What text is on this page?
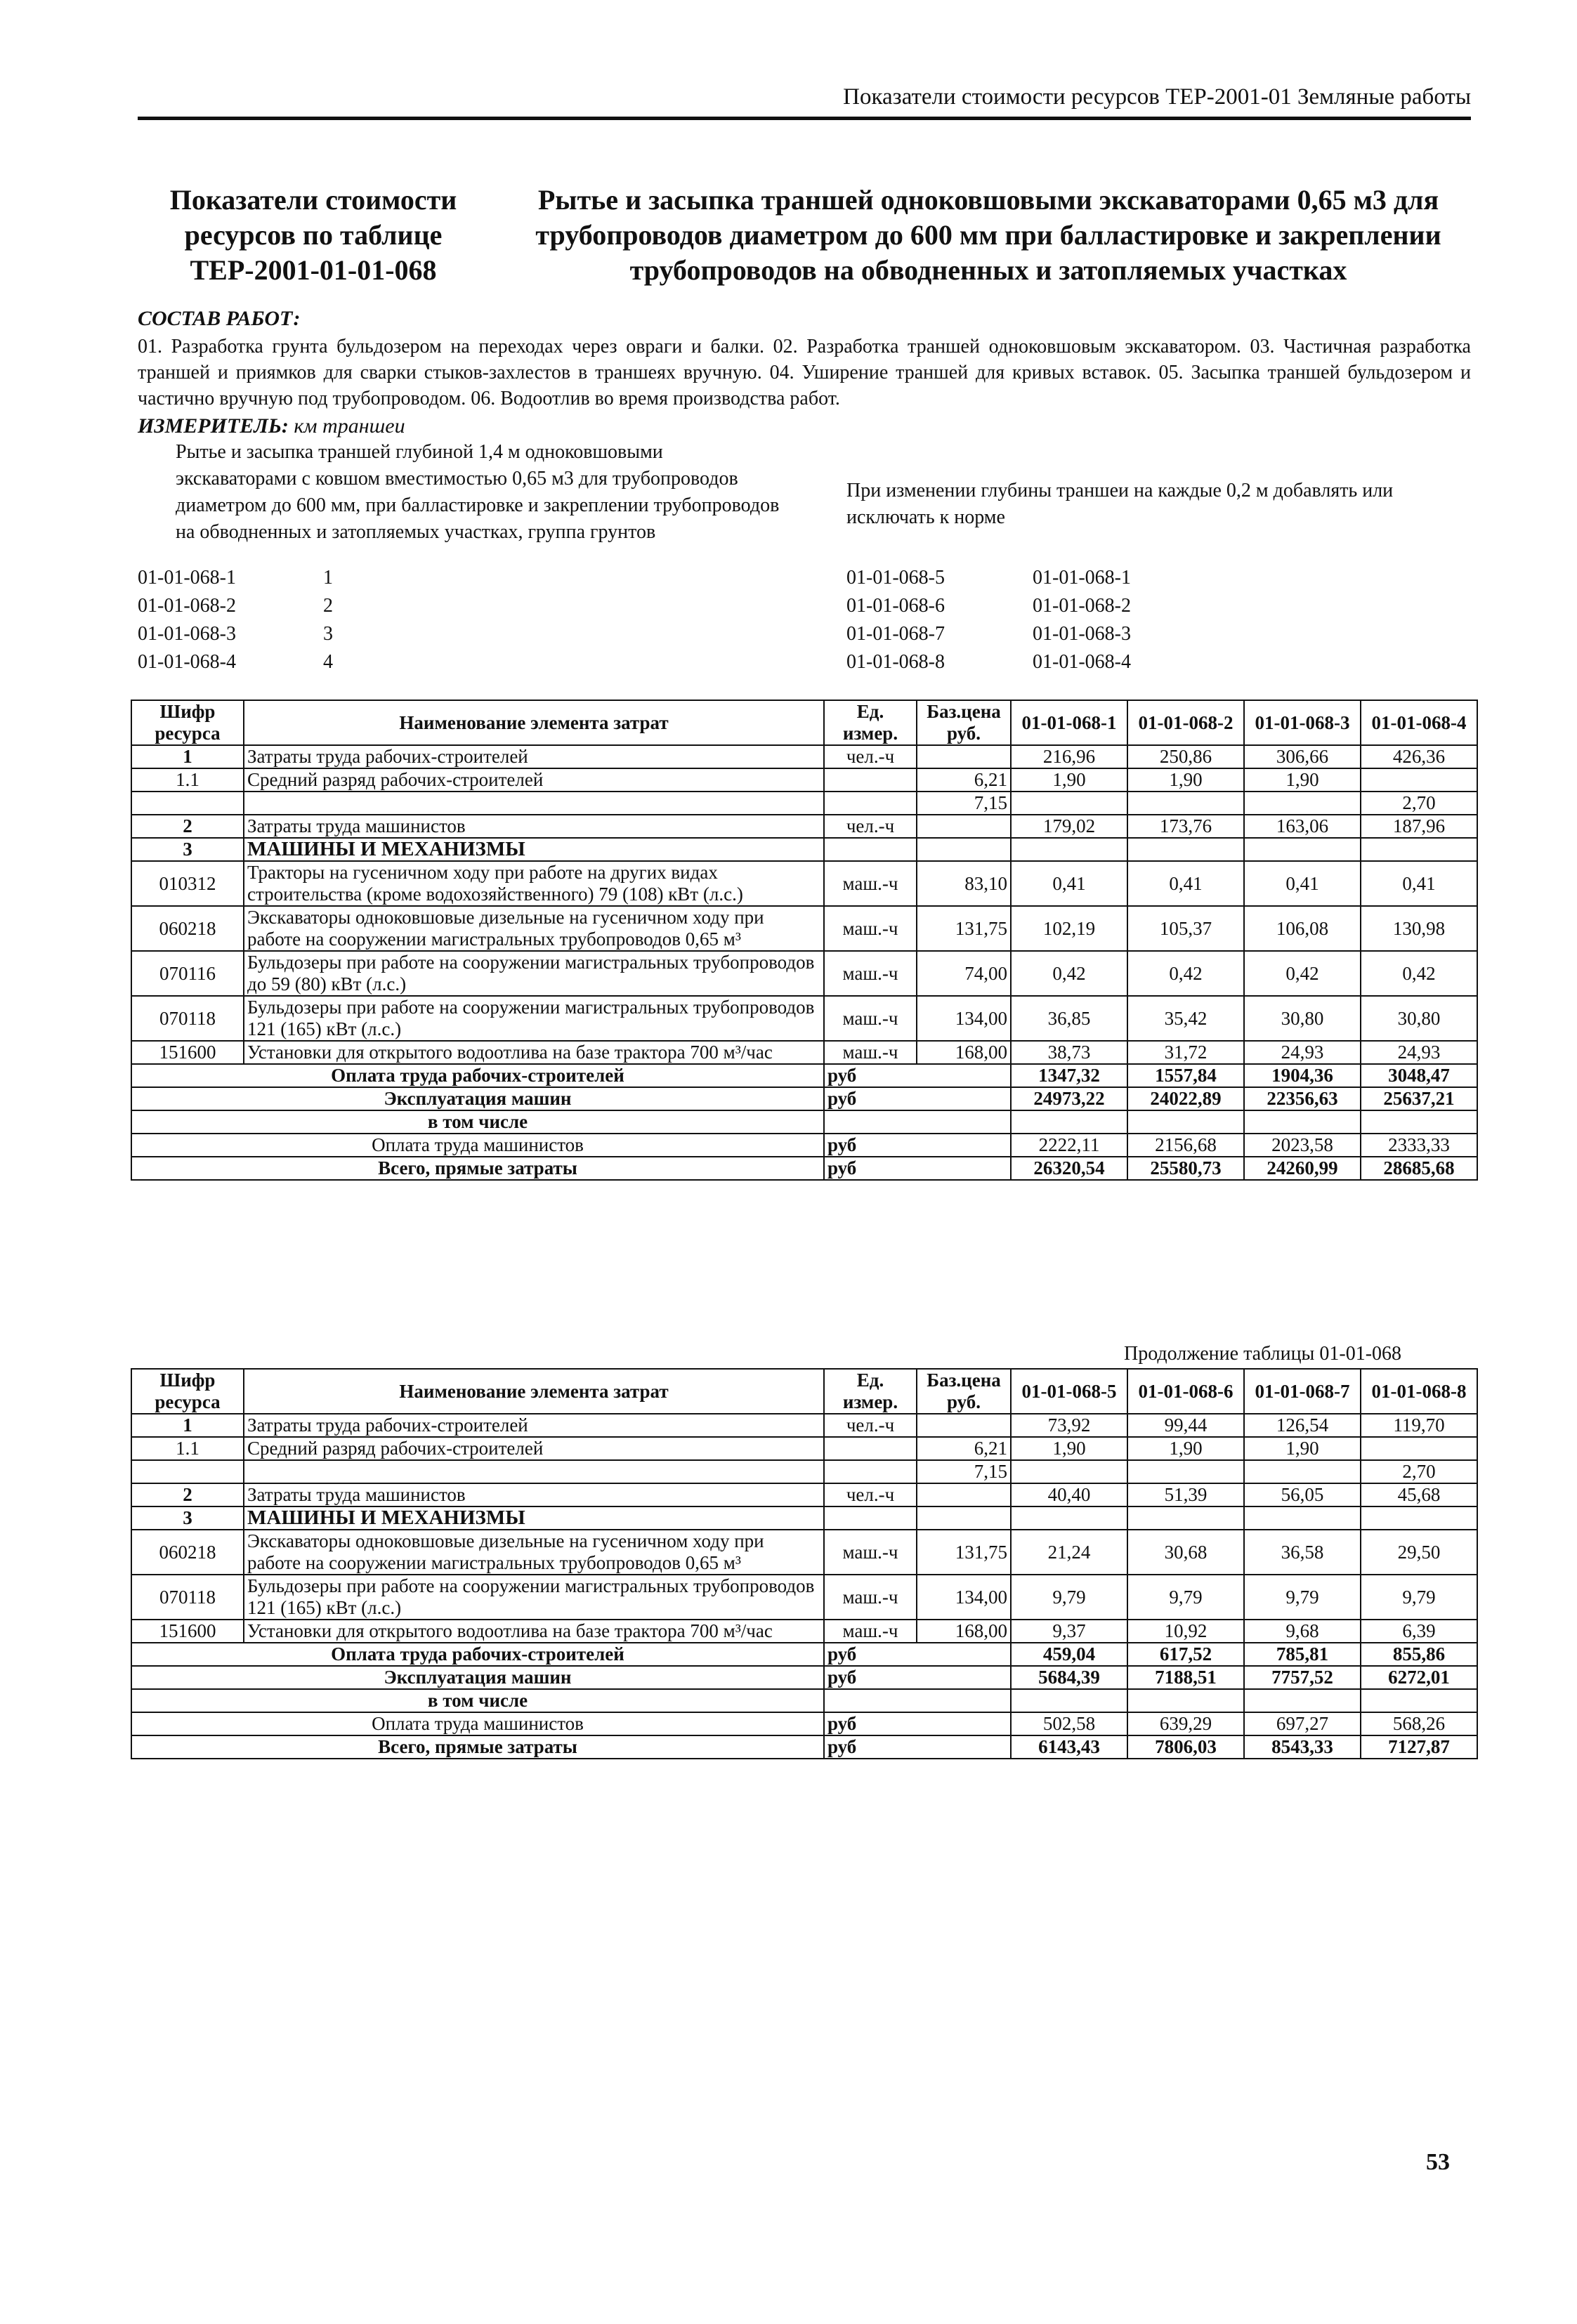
Показатели стоимости ресурсов ТЕР-2001-01 Земляные работы
Показатели стоимости ресурсов по таблице ТЕР-2001-01-01-068
Рытье и засыпка траншей одноковшовыми экскаваторами 0,65 м3 для трубопроводов диаметром до 600 мм при балластировке и закреплении трубопроводов на обводненных и затопляемых участках
СОСТАВ РАБОТ:
01. Разработка грунта бульдозером на переходах через овраги и балки. 02. Разработка траншей одноковшовым экскаватором. 03. Частичная разработка траншей и приямков для сварки стыков-захлестов в траншеях вручную. 04. Уширение траншей для кривых вставок. 05. Засыпка траншей бульдозером и частично вручную под трубопроводом. 06. Водоотлив во время производства работ.
ИЗМЕРИТЕЛЬ: км траншеи
Рытье и засыпка траншей глубиной 1,4 м одноковшовыми экскаваторами с ковшом вместимостью 0,65 м3 для трубопроводов диаметром до 600 мм, при балластировке и закреплении трубопроводов на обводненных и затопляемых участках, группа грунтов
При изменении глубины траншеи на каждые 0,2 м добавлять или исключать к норме
01-01-068-1	1
01-01-068-2	2
01-01-068-3	3
01-01-068-4	4
01-01-068-5	01-01-068-1
01-01-068-6	01-01-068-2
01-01-068-7	01-01-068-3
01-01-068-8	01-01-068-4
Шифр ресурса	Наименование элемента затрат	Ед. измер.	Баз.цена руб.	01-01-068-1	01-01-068-2	01-01-068-3	01-01-068-4
1	Затраты труда рабочих-строителей	чел.-ч		216,96	250,86	306,66	426,36
1.1	Средний разряд рабочих-строителей		6,21	1,90	1,90	1,90	
			7,15				2,70
2	Затраты труда машинистов	чел.-ч		179,02	173,76	163,06	187,96
3	МАШИНЫ И МЕХАНИЗМЫ						
010312	Тракторы на гусеничном ходу при работе на других видах строительства (кроме водохозяйственного) 79 (108) кВт (л.с.)	маш.-ч	83,10	0,41	0,41	0,41	0,41
060218	Экскаваторы одноковшовые дизельные на гусеничном ходу при работе на сооружении магистральных трубопроводов 0,65 м³	маш.-ч	131,75	102,19	105,37	106,08	130,98
070116	Бульдозеры при работе на сооружении магистральных трубопроводов до 59 (80) кВт (л.с.)	маш.-ч	74,00	0,42	0,42	0,42	0,42
070118	Бульдозеры при работе на сооружении магистральных трубопроводов 121 (165) кВт (л.с.)	маш.-ч	134,00	36,85	35,42	30,80	30,80
151600	Установки для открытого водоотлива на базе трактора 700 м³/час	маш.-ч	168,00	38,73	31,72	24,93	24,93
Оплата труда рабочих-строителей		руб		1347,32	1557,84	1904,36	3048,47
Эксплуатация машин		руб		24973,22	24022,89	22356,63	25637,21
в том числе							
Оплата труда машинистов		руб		2222,11	2156,68	2023,58	2333,33
Всего, прямые затраты		руб		26320,54	25580,73	24260,99	28685,68
Продолжение таблицы 01-01-068
Шифр ресурса	Наименование элемента затрат	Ед. измер.	Баз.цена руб.	01-01-068-5	01-01-068-6	01-01-068-7	01-01-068-8
1	Затраты труда рабочих-строителей	чел.-ч		73,92	99,44	126,54	119,70
1.1	Средний разряд рабочих-строителей		6,21	1,90	1,90	1,90	
			7,15				2,70
2	Затраты труда машинистов	чел.-ч		40,40	51,39	56,05	45,68
3	МАШИНЫ И МЕХАНИЗМЫ						
060218	Экскаваторы одноковшовые дизельные на гусеничном ходу при работе на сооружении магистральных трубопроводов 0,65 м³	маш.-ч	131,75	21,24	30,68	36,58	29,50
070118	Бульдозеры при работе на сооружении магистральных трубопроводов 121 (165) кВт (л.с.)	маш.-ч	134,00	9,79	9,79	9,79	9,79
151600	Установки для открытого водоотлива на базе трактора 700 м³/час	маш.-ч	168,00	9,37	10,92	9,68	6,39
Оплата труда рабочих-строителей		руб		459,04	617,52	785,81	855,86
Эксплуатация машин		руб		5684,39	7188,51	7757,52	6272,01
в том числе							
Оплата труда машинистов		руб		502,58	639,29	697,27	568,26
Всего, прямые затраты		руб		6143,43	7806,03	8543,33	7127,87
53
